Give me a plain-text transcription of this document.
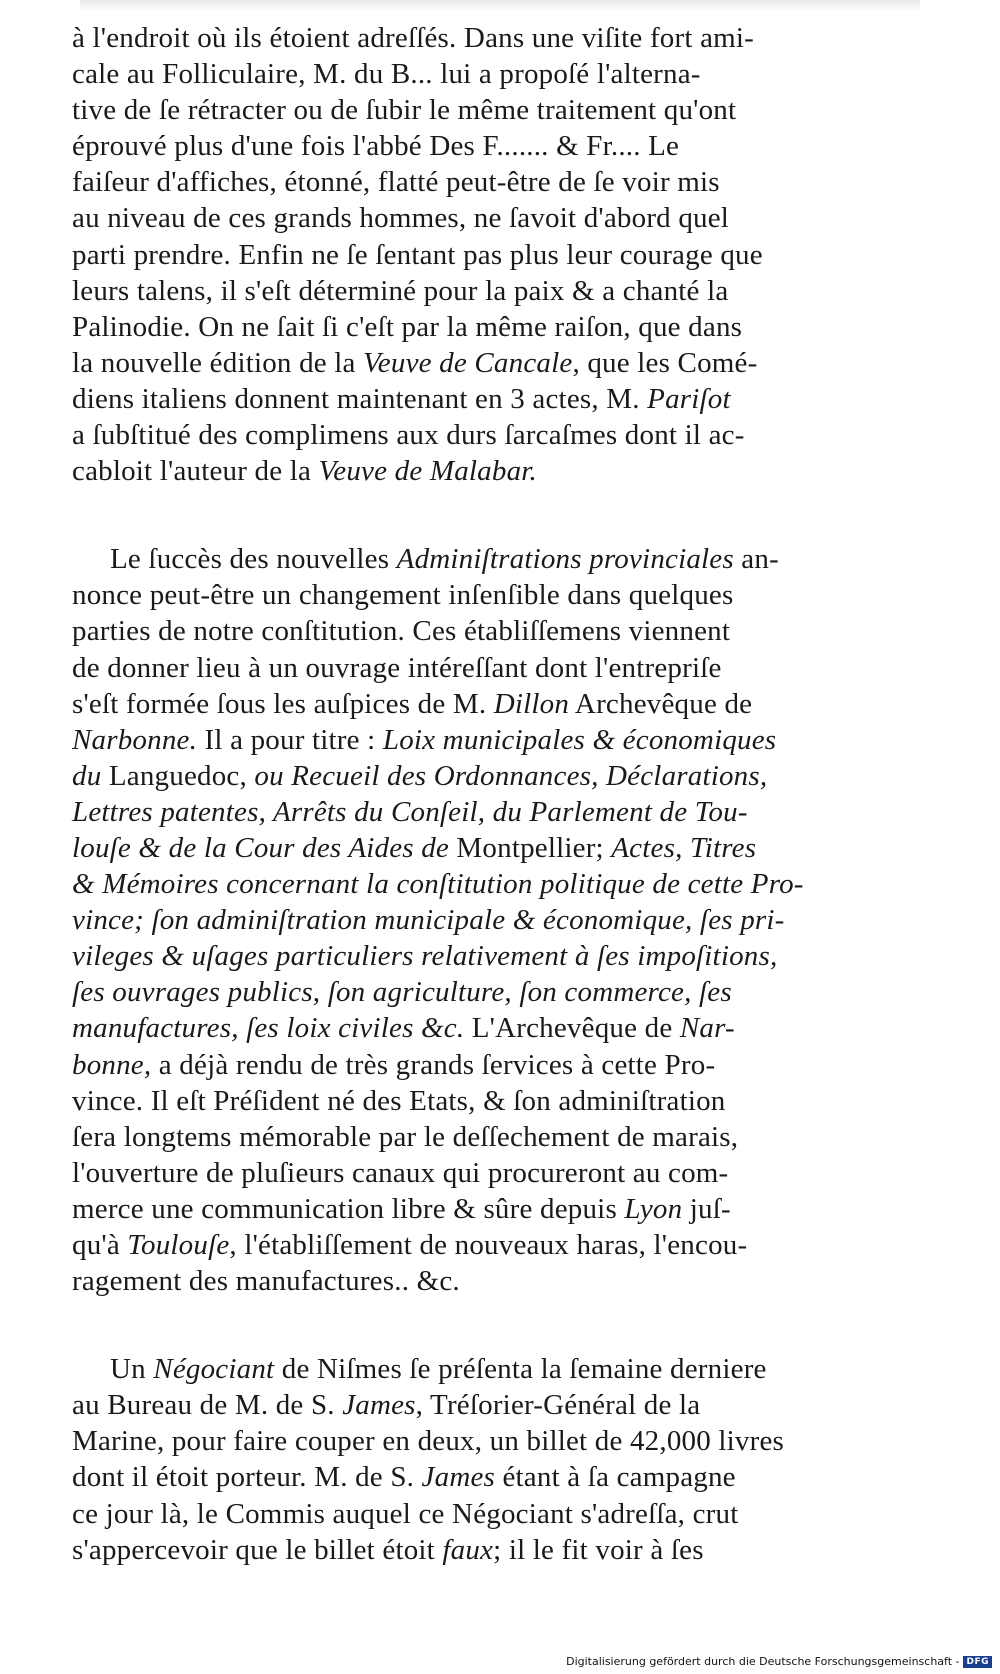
à l'endroit où ils étoient adreſſés. Dans une viſite fort ami-
cale au Folliculaire, M. du B... lui a propoſé l'alterna-
tive de ſe rétracter ou de ſubir le même traitement qu'ont
éprouvé plus d'une fois l'abbé Des F....... & Fr.... Le
faiſeur d'affiches, étonné, flatté peut-être de ſe voir mis
au niveau de ces grands hommes, ne ſavoit d'abord quel
parti prendre. Enfin ne ſe ſentant pas plus leur courage que
leurs talens, il s'eſt déterminé pour la paix & a chanté la
Palinodie. On ne ſait ſi c'eſt par la même raiſon, que dans
la nouvelle édition de la Veuve de Cancale, que les Comé-
diens italiens donnent maintenant en 3 actes, M. Pariſot
a ſubſtitué des complimens aux durs ſarcaſmes dont il ac-
cabloit l'auteur de la Veuve de Malabar.
Le ſuccès des nouvelles Adminiſtrations provinciales an-
nonce peut-être un changement inſenſible dans quelques
parties de notre conſtitution. Ces établiſſemens viennent
de donner lieu à un ouvrage intéreſſant dont l'entrepriſe
s'eſt formée ſous les auſpices de M. Dillon Archevêque de
Narbonne. Il a pour titre : Loix municipales & économiques
du Languedoc, ou Recueil des Ordonnances, Déclarations,
Lettres patentes, Arrêts du Conſeil, du Parlement de Tou-
louſe & de la Cour des Aides de Montpellier; Actes, Titres
& Mémoires concernant la conſtitution politique de cette Pro-
vince; ſon adminiſtration municipale & économique, ſes pri-
vileges & uſages particuliers relativement à ſes impoſitions,
ſes ouvrages publics, ſon agriculture, ſon commerce, ſes
manufactures, ſes loix civiles &c. L'Archevêque de Nar-
bonne, a déjà rendu de très grands ſervices à cette Pro-
vince. Il eſt Préſident né des Etats, & ſon adminiſtration
ſera longtems mémorable par le deſſechement de marais,
l'ouverture de pluſieurs canaux qui procureront au com-
merce une communication libre & sûre depuis Lyon juſ-
qu'à Toulouſe, l'établiſſement de nouveaux haras, l'encou-
ragement des manufactures.. &c.
Un Négociant de Niſmes ſe préſenta la ſemaine derniere
au Bureau de M. de S. James, Tréſorier-Général de la
Marine, pour faire couper en deux, un billet de 42,000 livres
dont il étoit porteur. M. de S. James étant à ſa campagne
ce jour là, le Commis auquel ce Négociant s'adreſſa, crut
s'appercevoir que le billet étoit faux; il le fit voir à ſes
Digitalisierung gefördert durch die Deutsche Forschungsgemeinschaft - DFG
